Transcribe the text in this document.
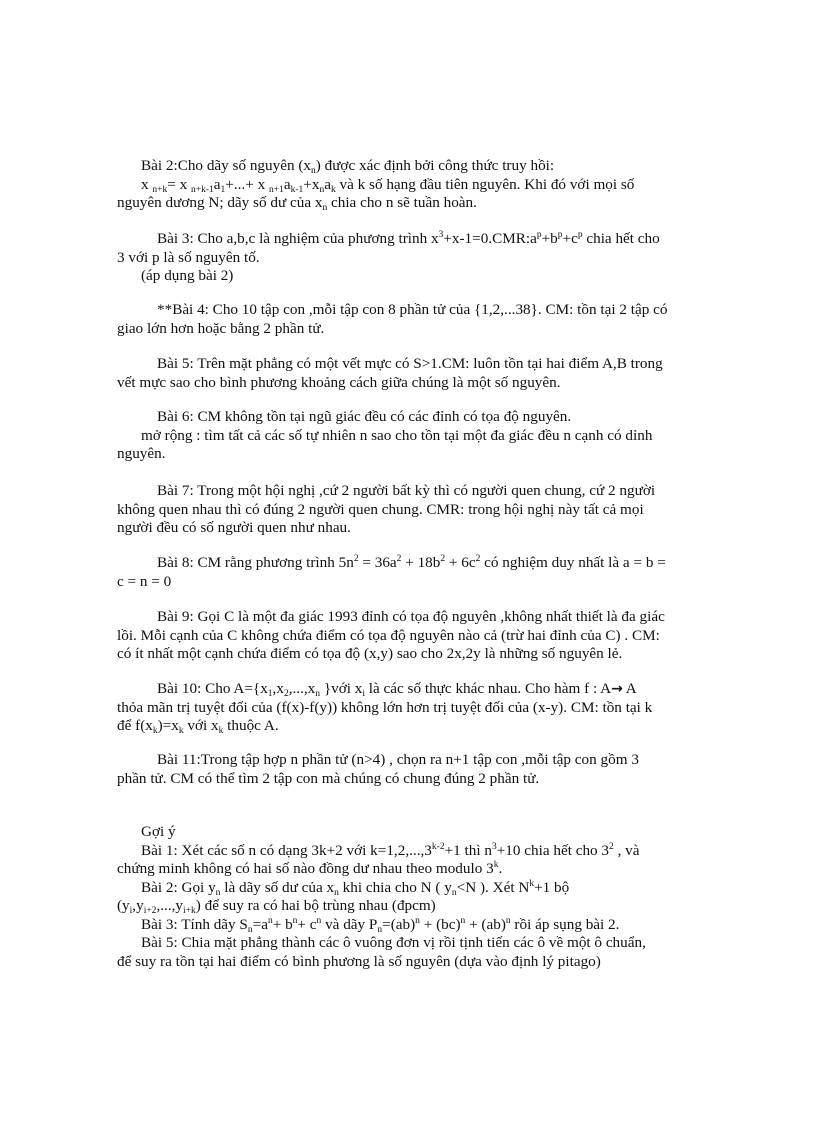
Bài 2:Cho dãy số nguyên $(x_n)$ được xác định bởi công thức truy hồi:
x $_{n+k}$= x $_{n+k-1}a_1+...+ x$ $_{n+1}a_{k-1}+x_na_k$ và k số hạng đầu tiên nguyên. Khi đó với mọi số
nguyên dương N; dãy số dư của $x_n$ chia cho n sẽ tuần hoàn.
Bài 3: Cho a,b,c là nghiệm của phương trình $x^3+x-1=0.CMR:a^p+b^p+c^p$ chia hết cho
3 với p là số nguyên tố.
(áp dụng bài 2)
**Bài 4: Cho 10 tập con ,mỗi tập con 8 phần tử của {1,2,...38}. CM: tồn tại 2 tập có
giao lớn hơn hoặc bằng 2 phần tử.
Bài 5: Trên mặt phẳng có một vết mực có S>1.CM: luôn tồn tại hai điểm A,B trong
vết mực sao cho bình phương khoảng cách giữa chúng là một số nguyên.
Bài 6: CM không tồn tại ngũ giác đều có các đỉnh có tọa độ nguyên.
mở rộng : tìm tất cả các số tự nhiên n sao cho tồn tại một đa giác đều n cạnh có dỉnh
nguyên.
Bài 7: Trong một hội nghị ,cứ 2 người bất kỳ thì có người quen chung, cứ 2 người
không quen nhau thì có đúng 2 người quen chung. CMR: trong hội nghị này tất cả mọi
người đều có số người quen như nhau.
Bài 8: CM rằng phương trình $5n^2 = 36a^2 + 18b^2 + 6c^2$ có nghiệm duy nhất là a = b =
c = n = 0
Bài 9: Gọi C là một đa giác 1993 đỉnh có tọa độ nguyên ,không nhất thiết là đa giác
lồi. Mỗi cạnh của C không chứa điểm có tọa độ nguyên nào cả (trừ hai đỉnh của C) . CM:
có ít nhất một cạnh chứa điểm có tọa độ (x,y) sao cho 2x,2y là những số nguyên lẻ.
Bài 10: Cho $A=\{x_1,x_2,...,x_n$ }với $x_i$ là các số thực khác nhau. Cho hàm f : A→ A
thỏa mãn trị tuyệt đối của (f(x)-f(y)) không lớn hơn trị tuyệt đối của (x-y). CM: tồn tại k
để $f(x_k)=x_k$ với $x_k$ thuộc A.
Bài 11:Trong tập hợp n phần tử (n>4) , chọn ra n+1 tập con ,mỗi tập con gồm 3
phần tử. CM có thể tìm 2 tập con mà chúng có chung đúng 2 phần tử.
Gợi ý
Bài 1: Xét các số n có dạng 3k+2 với $k=1,2,...,3^{k-2}+1$ thì $n^3+10$ chia hết cho $3^2$ , và
chứng minh không có hai số nào đồng dư nhau theo modulo 3$^k$.
Bài 2: Gọi $y_n$ là dãy số dư của $x_n$ khi chia cho N ( $y_n<N$ ). Xét $N^k+1$ bộ
$(y_i,y_{i+2},...,y_{i+k})$ để suy ra có hai bộ trùng nhau (đpcm)
Bài 3: Tính dãy $S_n=a^n+ b^n+ c^n$ và dãy $P_n=(ab)^n + (bc)^n + (ab)^n$ rồi áp sụng bài 2.
Bài 5: Chia mặt phẳng thành các ô vuông đơn vị rồi tịnh tiến các ô về một ô chuẩn,
để suy ra tồn tại hai điểm có bình phương là số nguyên (dựa vào định lý pitago)
